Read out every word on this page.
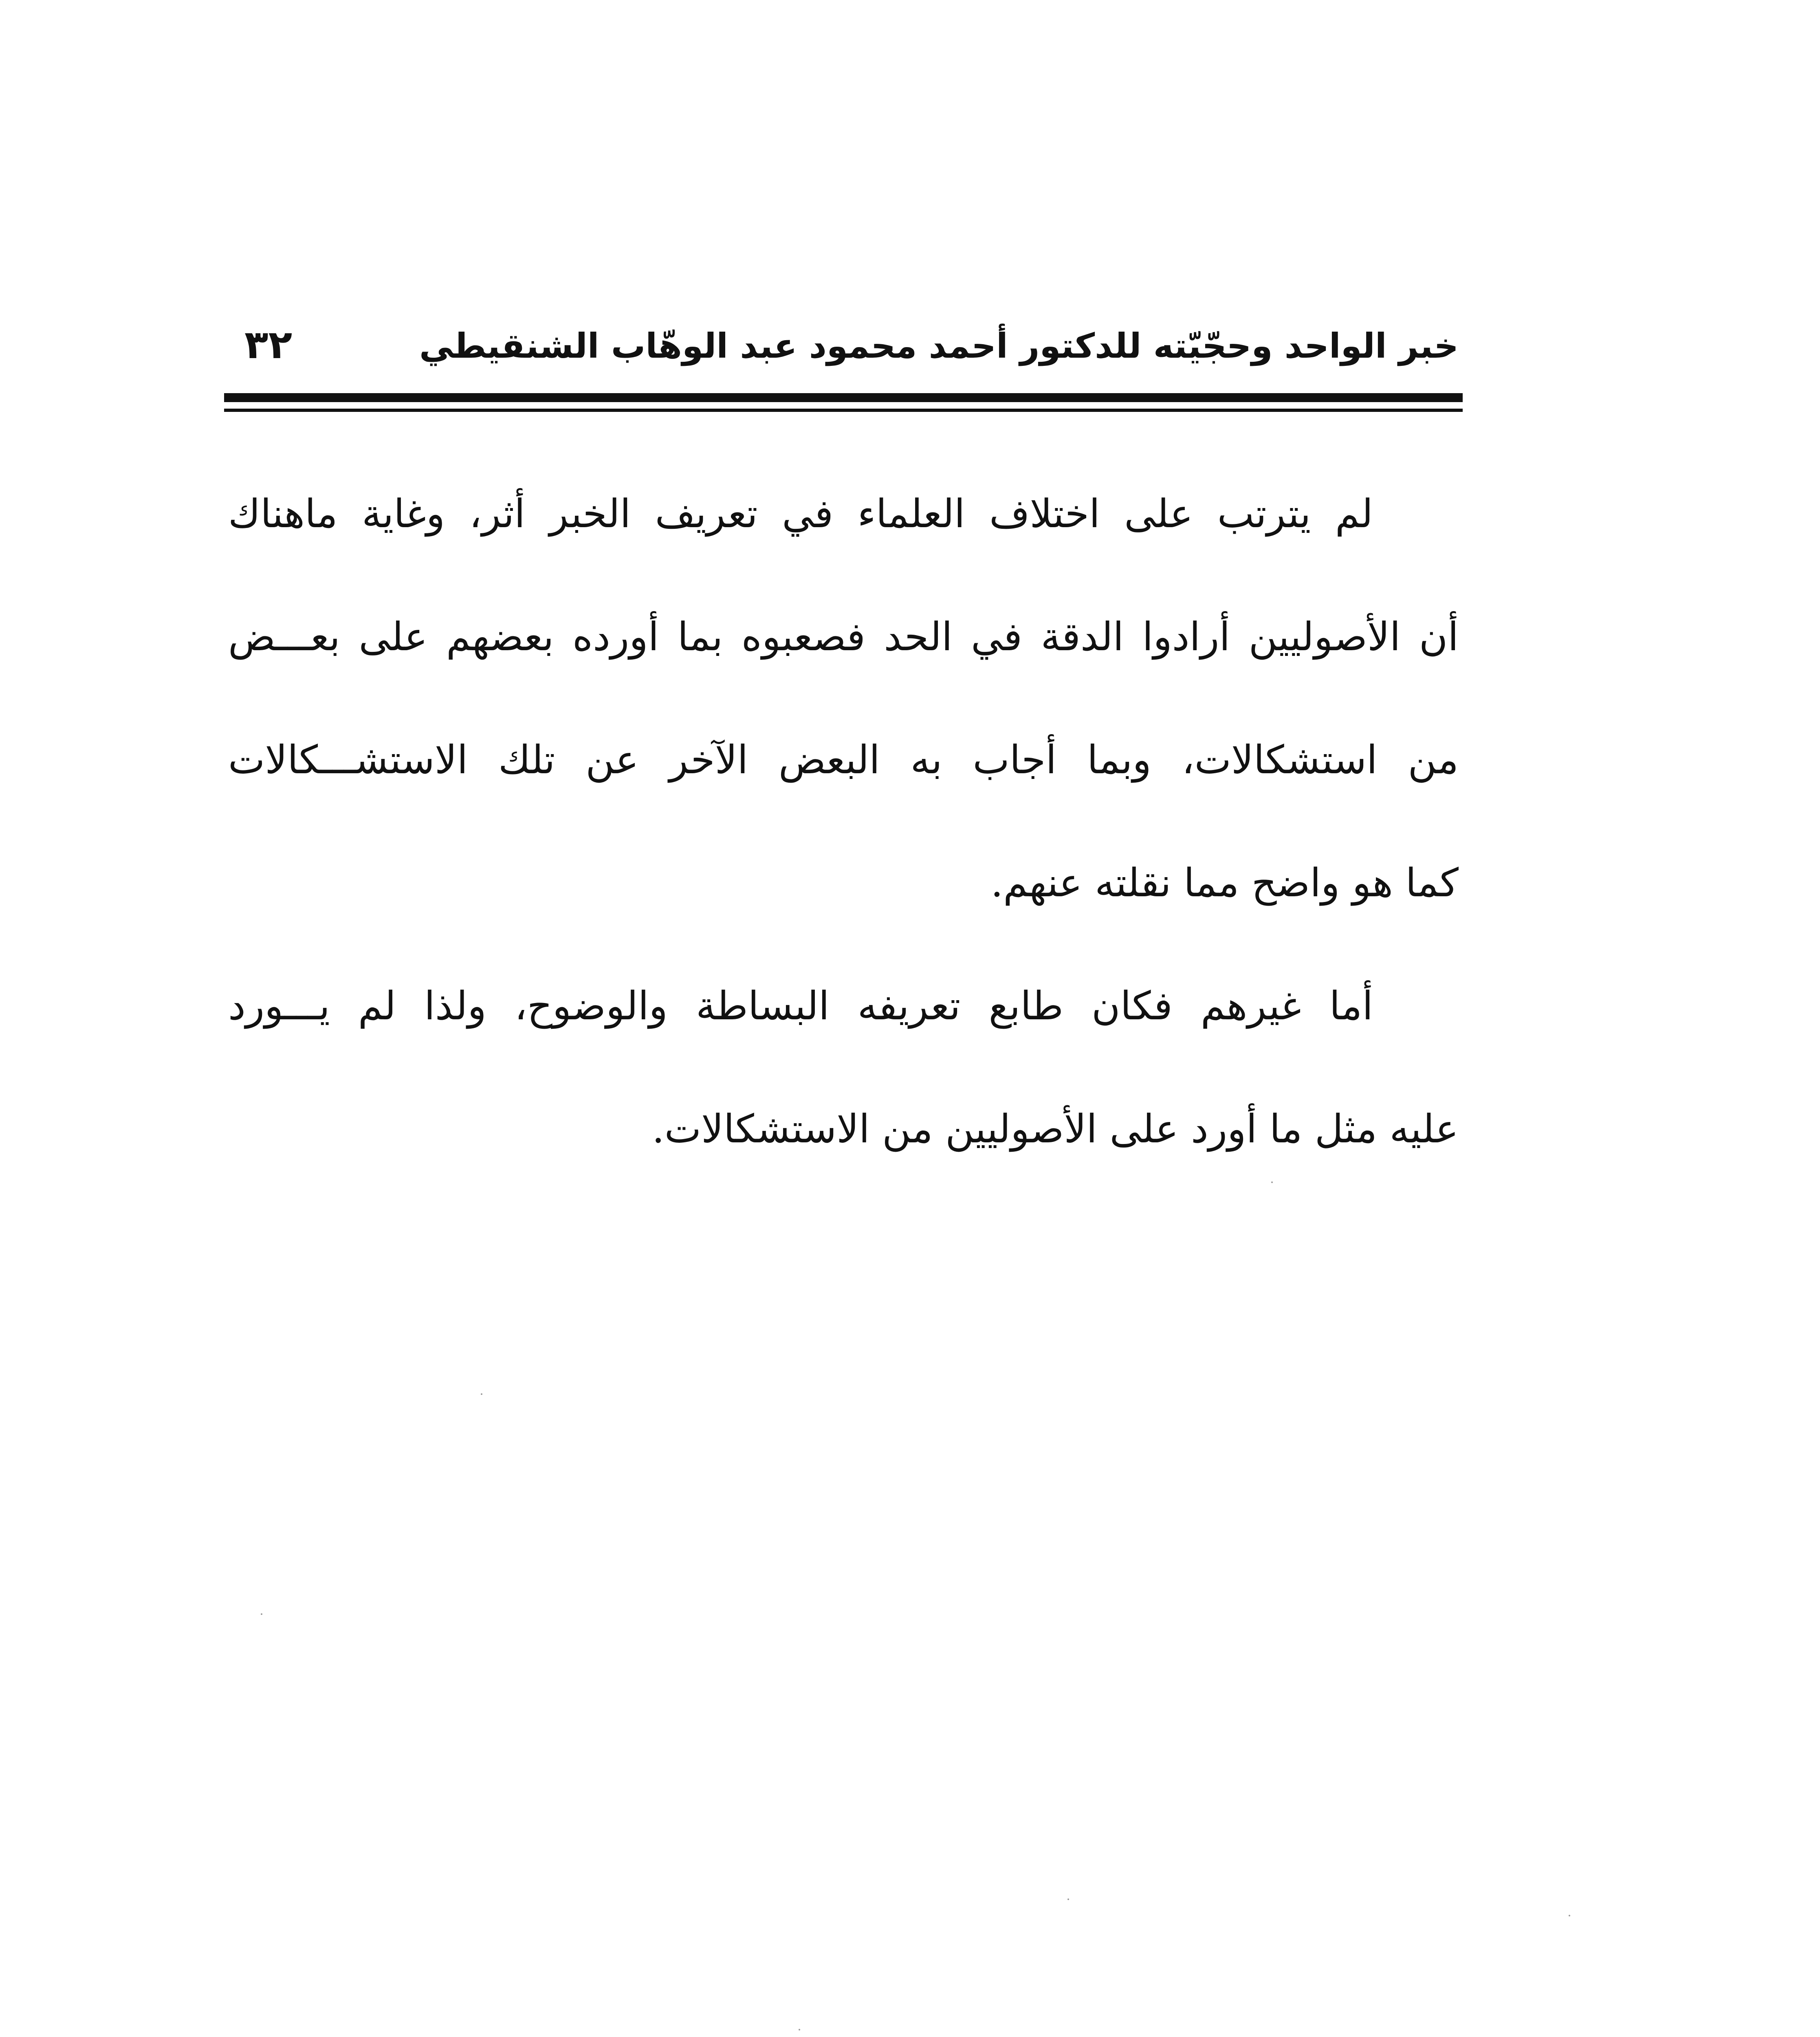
خبر الواحد وحجّيّته للدكتور أحمد محمود عبد الوهّاب الشنقيطي
٣٢
لم يترتب على اختلاف العلماء في تعريف الخبر أثر، وغاية ماهناك
أن الأصوليين أرادوا الدقة في الحد فصعبوه بما أورده بعضهم على بعـــض
من استشكالات، وبما أجاب به البعض الآخر عن تلك الاستشـــكالات
كما هو واضح مما نقلته عنهم.
أما غيرهم فكان طابع تعريفه البساطة والوضوح، ولذا لم يـــورد
عليه مثل ما أورد على الأصوليين من الاستشكالات.
